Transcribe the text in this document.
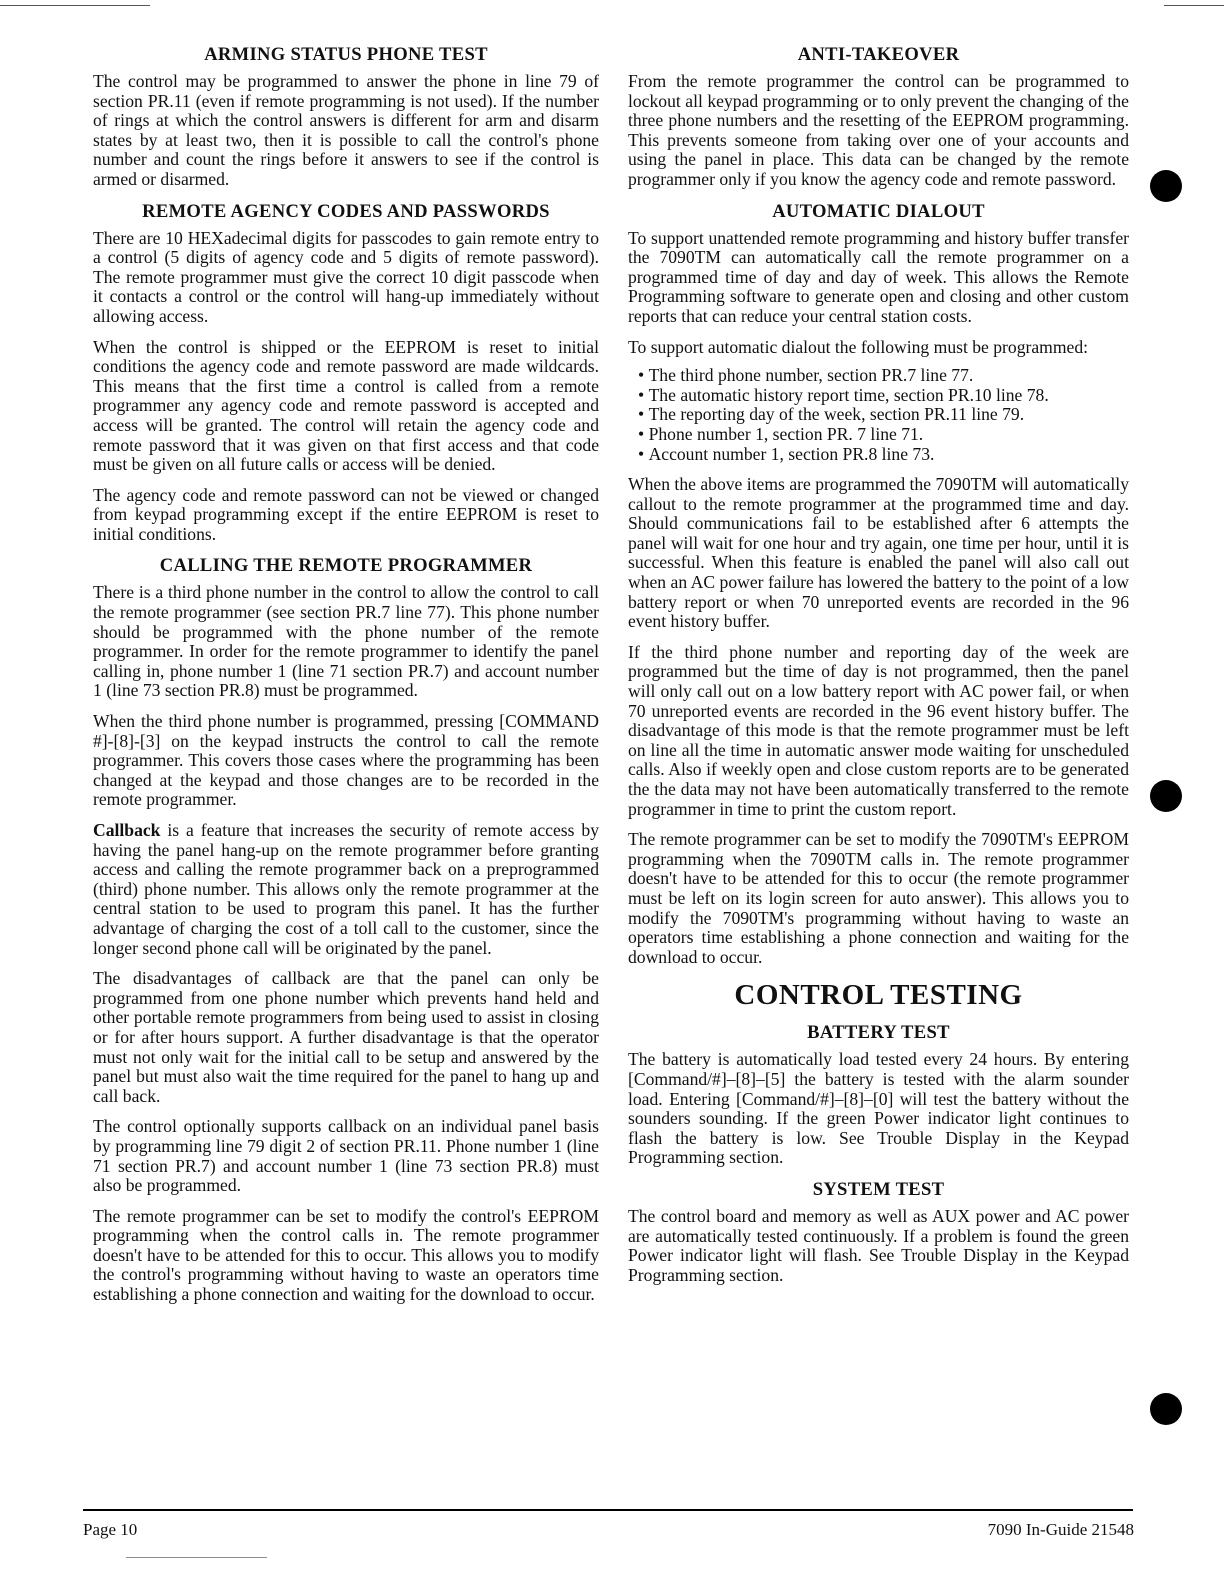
ARMING STATUS PHONE TEST

The control may be programmed to answer the phone in line 79 of section PR.11 (even if remote programming is not used). If the number of rings at which the control answers is different for arm and disarm states by at least two, then it is possible to call the control's phone number and count the rings before it answers to see if the control is armed or disarmed.

REMOTE AGENCY CODES AND PASSWORDS

There are 10 HEXadecimal digits for passcodes to gain remote entry to a control (5 digits of agency code and 5 digits of remote password). The remote programmer must give the correct 10 digit passcode when it contacts a control or the control will hang-up immediately without allowing access.

When the control is shipped or the EEPROM is reset to initial conditions the agency code and remote password are made wildcards. This means that the first time a control is called from a remote programmer any agency code and remote password is accepted and access will be granted. The control will retain the agency code and remote password that it was given on that first access and that code must be given on all future calls or access will be denied.

The agency code and remote password can not be viewed or changed from keypad programming except if the entire EEPROM is reset to initial conditions.

CALLING THE REMOTE PROGRAMMER

There is a third phone number in the control to allow the control to call the remote programmer (see section PR.7 line 77). This phone number should be programmed with the phone number of the remote programmer. In order for the remote programmer to identify the panel calling in, phone number 1 (line 71 section PR.7) and account number 1 (line 73 section PR.8) must be programmed.

When the third phone number is programmed, pressing [COMMAND #]-[8]-[3] on the keypad instructs the control to call the remote programmer. This covers those cases where the programming has been changed at the keypad and those changes are to be recorded in the remote programmer.

Callback is a feature that increases the security of remote access by having the panel hang-up on the remote programmer before granting access and calling the remote programmer back on a preprogrammed (third) phone number. This allows only the remote programmer at the central station to be used to program this panel. It has the further advantage of charging the cost of a toll call to the customer, since the longer second phone call will be originated by the panel.

The disadvantages of callback are that the panel can only be programmed from one phone number which prevents hand held and other portable remote programmers from being used to assist in closing or for after hours support. A further disadvantage is that the operator must not only wait for the initial call to be setup and answered by the panel but must also wait the time required for the panel to hang up and call back.

The control optionally supports callback on an individual panel basis by programming line 79 digit 2 of section PR.11. Phone number 1 (line 71 section PR.7) and account number 1 (line 73 section PR.8) must also be programmed.

The remote programmer can be set to modify the control's EEPROM programming when the control calls in. The remote programmer doesn't have to be attended for this to occur. This allows you to modify the control's programming without having to waste an operators time establishing a phone connection and waiting for the download to occur.

ANTI-TAKEOVER

From the remote programmer the control can be programmed to lockout all keypad programming or to only prevent the changing of the three phone numbers and the resetting of the EEPROM programming. This prevents someone from taking over one of your accounts and using the panel in place. This data can be changed by the remote programmer only if you know the agency code and remote password.

AUTOMATIC DIALOUT

To support unattended remote programming and history buffer transfer the 7090TM can automatically call the remote programmer on a programmed time of day and day of week. This allows the Remote Programming software to generate open and closing and other custom reports that can reduce your central station costs.

To support automatic dialout the following must be programmed:

• The third phone number, section PR.7 line 77.
• The automatic history report time, section PR.10 line 78.
• The reporting day of the week, section PR.11 line 79.
• Phone number 1, section PR. 7 line 71.
• Account number 1, section PR.8 line 73.

When the above items are programmed the 7090TM will automatically callout to the remote programmer at the programmed time and day. Should communications fail to be established after 6 attempts the panel will wait for one hour and try again, one time per hour, until it is successful. When this feature is enabled the panel will also call out when an AC power failure has lowered the battery to the point of a low battery report or when 70 unreported events are recorded in the 96 event history buffer.

If the third phone number and reporting day of the week are programmed but the time of day is not programmed, then the panel will only call out on a low battery report with AC power fail, or when 70 unreported events are recorded in the 96 event history buffer. The disadvantage of this mode is that the remote programmer must be left on line all the time in automatic answer mode waiting for unscheduled calls. Also if weekly open and close custom reports are to be generated the the data may not have been automatically transferred to the remote programmer in time to print the custom report.

The remote programmer can be set to modify the 7090TM's EEPROM programming when the 7090TM calls in. The remote programmer doesn't have to be attended for this to occur (the remote programmer must be left on its login screen for auto answer). This allows you to modify the 7090TM's programming without having to waste an operators time establishing a phone connection and waiting for the download to occur.

CONTROL TESTING
BATTERY TEST

The battery is automatically load tested every 24 hours. By entering [Command/#]–[8]–[5] the battery is tested with the alarm sounder load. Entering [Command/#]–[8]–[0] will test the battery without the sounders sounding. If the green Power indicator light continues to flash the battery is low. See Trouble Display in the Keypad Programming section.

SYSTEM TEST

The control board and memory as well as AUX power and AC power are automatically tested continuously. If a problem is found the green Power indicator light will flash. See Trouble Display in the Keypad Programming section.

Page 10	7090 In-Guide 21548
